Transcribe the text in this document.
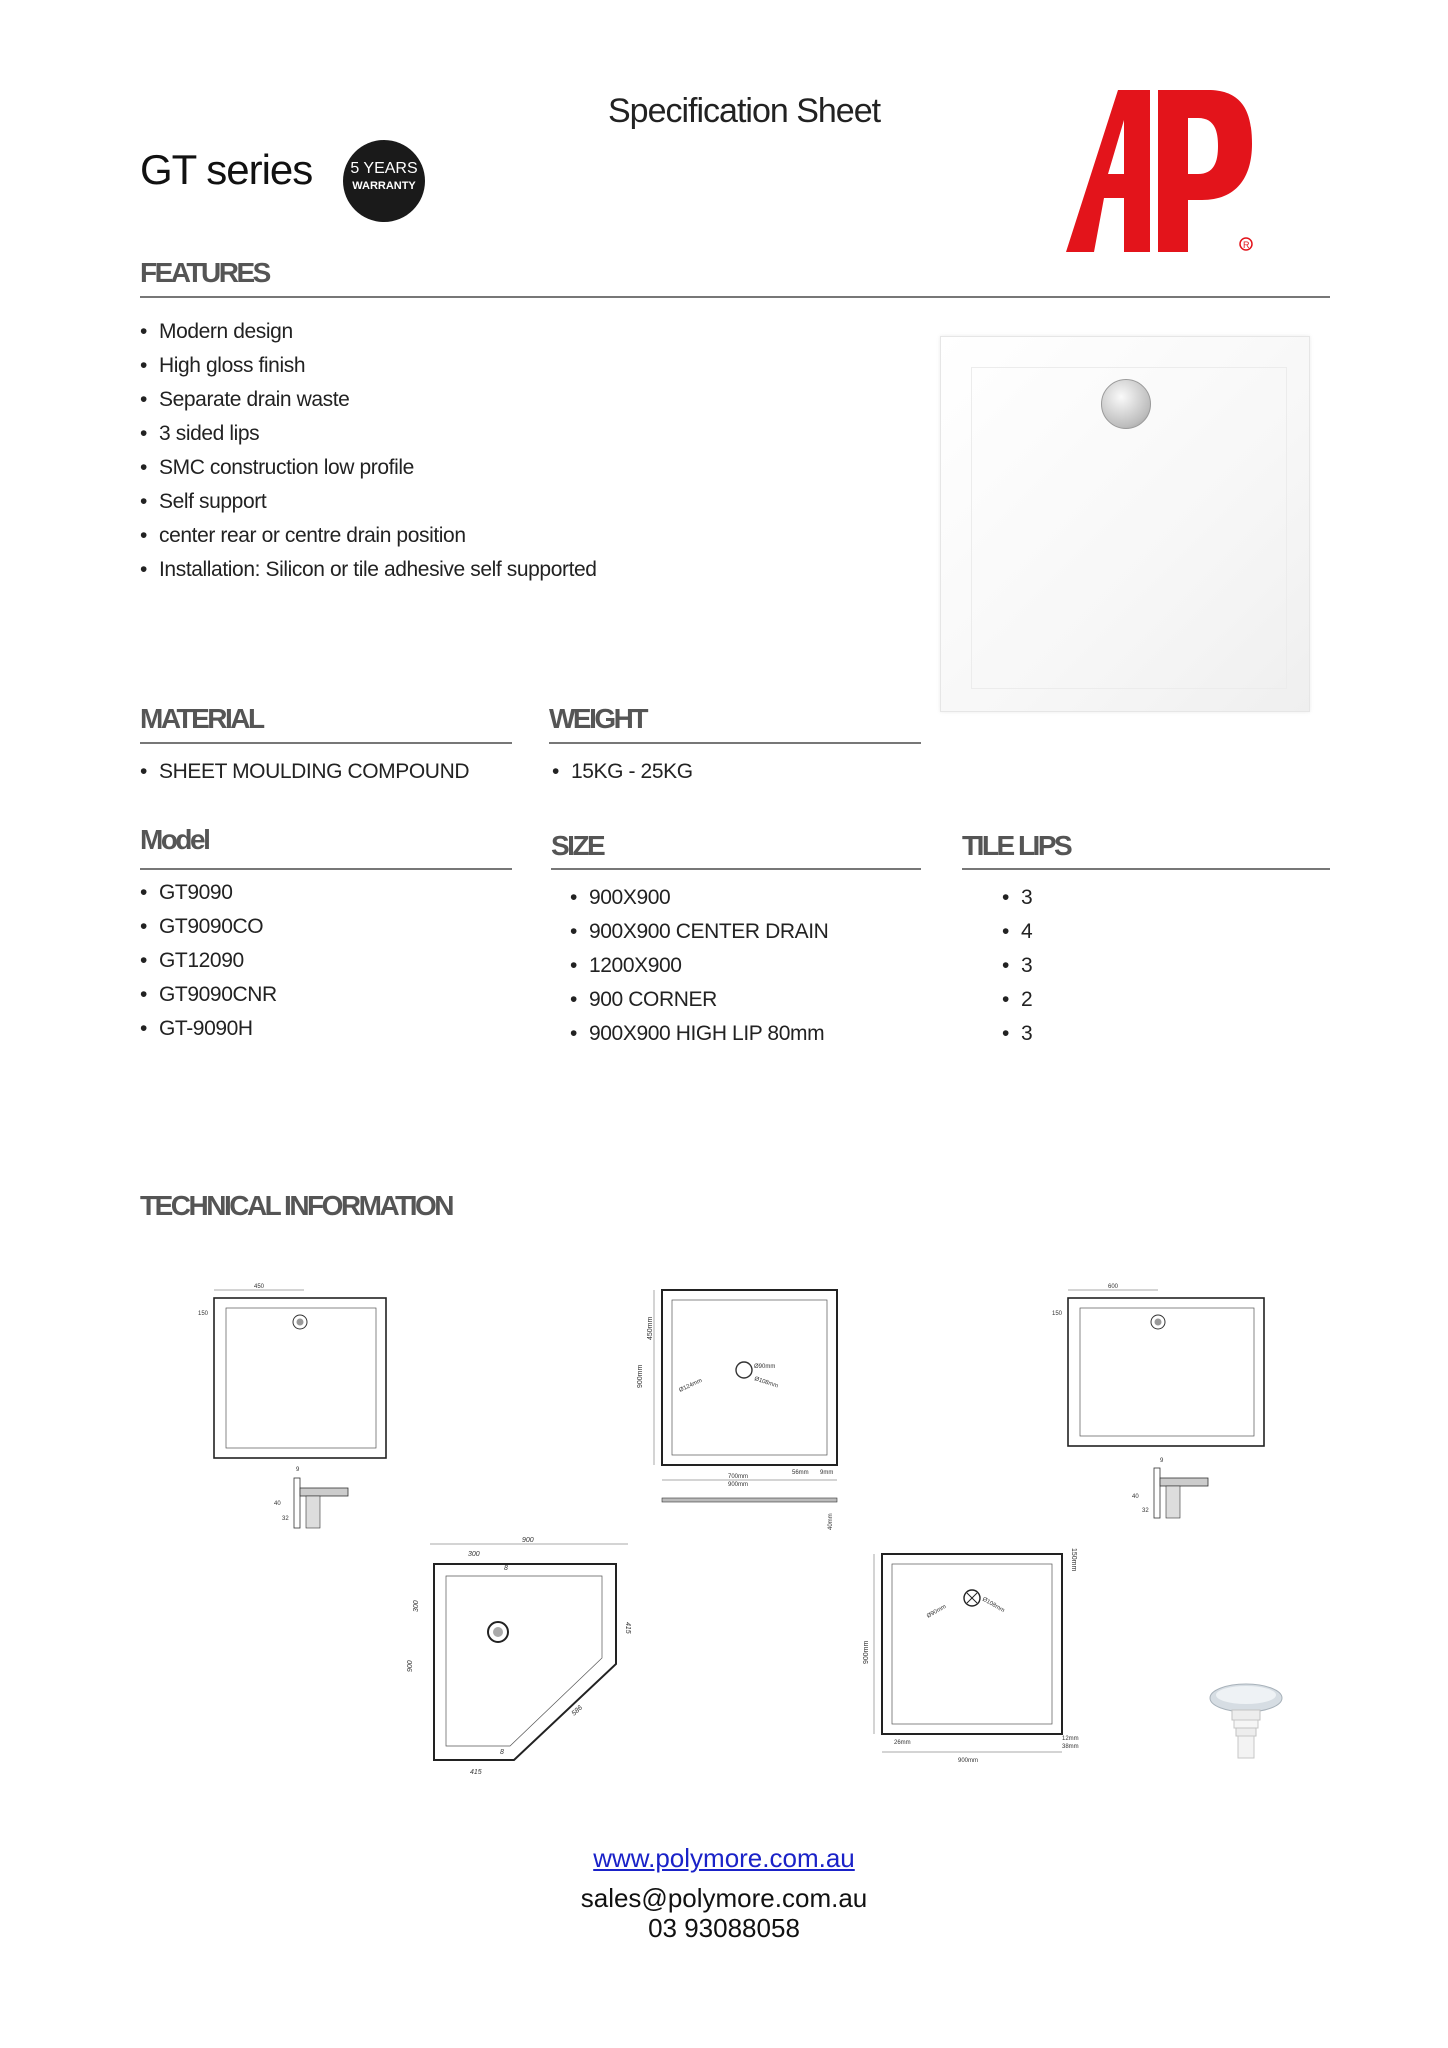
Specification Sheet
GT series	5 YEARS
WARRANTY
R
FEATURES
• Modern design
• High gloss finish
• Separate drain waste
• 3 sided lips
• SMC construction low profile
• Self support
• center rear or centre drain position
• Installation: Silicon or tile adhesive self supported
MATERIAL
• SHEET MOULDING COMPOUND
WEIGHT
• 15KG - 25KG
Model
• GT9090
• GT9090CO
• GT12090
• GT9090CNR
• GT-9090H
SIZE
• 900X900
• 900X900 CENTER DRAIN
• 1200X900
• 900 CORNER
• 900X900 HIGH LIP 80mm
TILE LIPS
• 3
• 4
• 3
• 2
• 3
TECHNICAL INFORMATION
450
150
9
40
32
900mm
450mm
Ø124mm
Ø90mm
Ø108mm
700mm
56mm 9mm
900mm
40mm
600
150
9
40
32
900
300
300
900
8
8
415
415
586
Ø90mm	Ø108mm
900mm
150mm
26mm
12mm
38mm
900mm
www.polymore.com.au
sales@polymore.com.au
03 93088058
